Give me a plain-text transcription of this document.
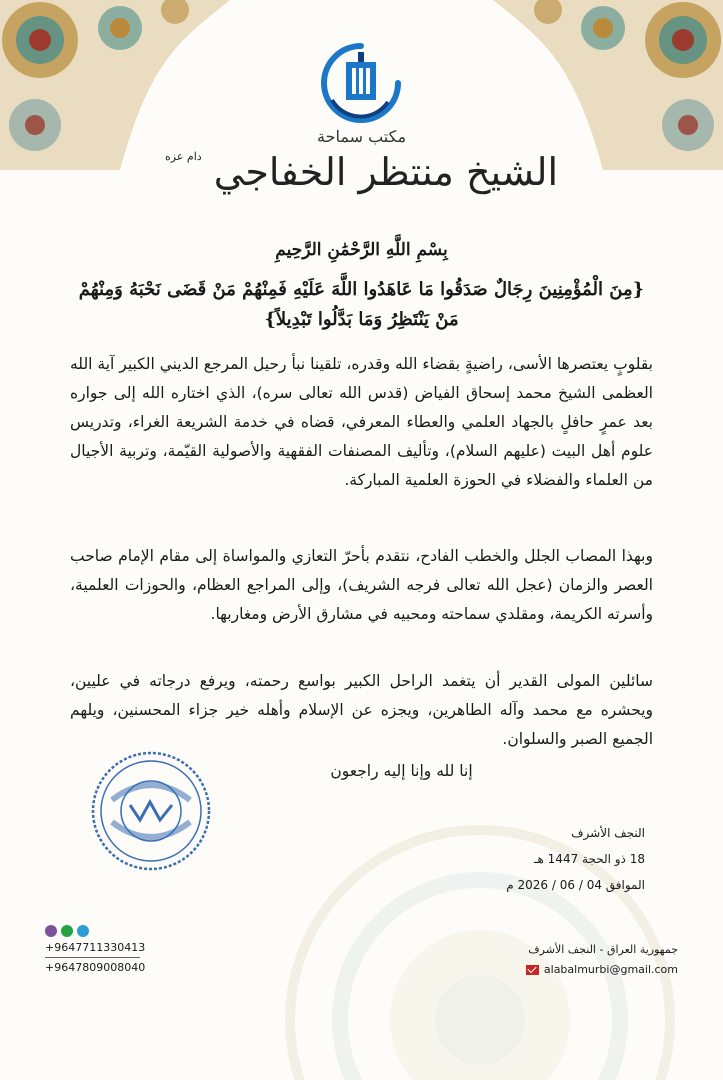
مكتب سماحة
الشيخ منتظر الخفاجي $^{دام عزه}$
بِسْمِ اللَّهِ الرَّحْمَٰنِ الرَّحِيمِ
{مِنَ الْمُؤْمِنِينَ رِجَالٌ صَدَقُوا مَا عَاهَدُوا اللَّهَ عَلَيْهِ فَمِنْهُمْ مَنْ قَضَى نَحْبَهُ وَمِنْهُمْ مَنْ يَنْتَظِرُ وَمَا بَدَّلُوا تَبْدِيلاً}
بقلوبٍ يعتصرها الأسى، راضيةٍ بقضاء الله وقدره، تلقينا نبأ رحيل المرجع الديني الكبير آية الله العظمى الشيخ محمد إسحاق الفياض (قدس الله تعالى سره)، الذي اختاره الله إلى جواره بعد عمرٍ حافلٍ بالجهاد العلمي والعطاء المعرفي، قضاه في خدمة الشريعة الغراء، وتدريس علوم أهل البيت (عليهم السلام)، وتأليف المصنفات الفقهية والأصولية القيّمة، وتربية الأجيال من العلماء والفضلاء في الحوزة العلمية المباركة.
وبهذا المصاب الجلل والخطب الفادح، نتقدم بأحرّ التعازي والمواساة إلى مقام الإمام صاحب العصر والزمان (عجل الله تعالى فرجه الشريف)، وإلى المراجع العظام، والحوزات العلمية، وأسرته الكريمة، ومقلدي سماحته ومحبيه في مشارق الأرض ومغاربها.
سائلين المولى القدير أن يتغمد الراحل الكبير بواسع رحمته، ويرفع درجاته في عليين، ويحشره مع محمد وآله الطاهرين، ويجزه عن الإسلام وأهله خير جزاء المحسنين، ويلهم الجميع الصبر والسلوان.
إنا لله وإنا إليه راجعون
النجف الأشرف
18 ذو الحجة 1447 هـ
الموافق 04 / 06 / 2026 م
+9647711330413
+9647809008040
جمهورية العراق - النجف الأشرف
alabalmurbi@gmail.com
